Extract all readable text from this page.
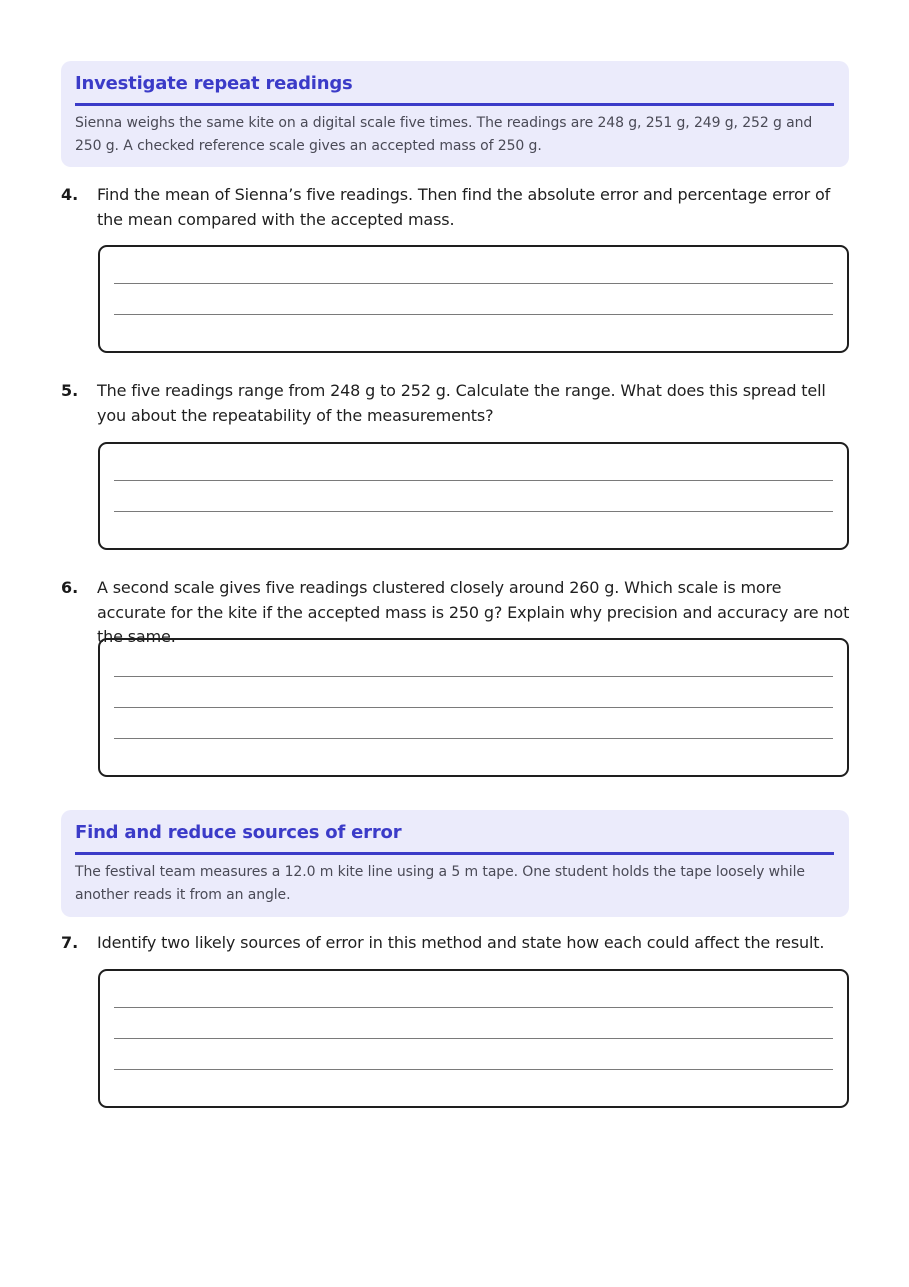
Investigate repeat readings
Sienna weighs the same kite on a digital scale five times. The readings are 248 g, 251 g, 249 g, 252 g and 250 g. A checked reference scale gives an accepted mass of 250 g.
4. Find the mean of Sienna’s five readings. Then find the absolute error and percentage error of the mean compared with the accepted mass.
5. The five readings range from 248 g to 252 g. Calculate the range. What does this spread tell you about the repeatability of the measurements?
6. A second scale gives five readings clustered closely around 260 g. Which scale is more accurate for the kite if the accepted mass is 250 g? Explain why precision and accuracy are not the same.
Find and reduce sources of error
The festival team measures a 12.0 m kite line using a 5 m tape. One student holds the tape loosely while another reads it from an angle.
7. Identify two likely sources of error in this method and state how each could affect the result.
